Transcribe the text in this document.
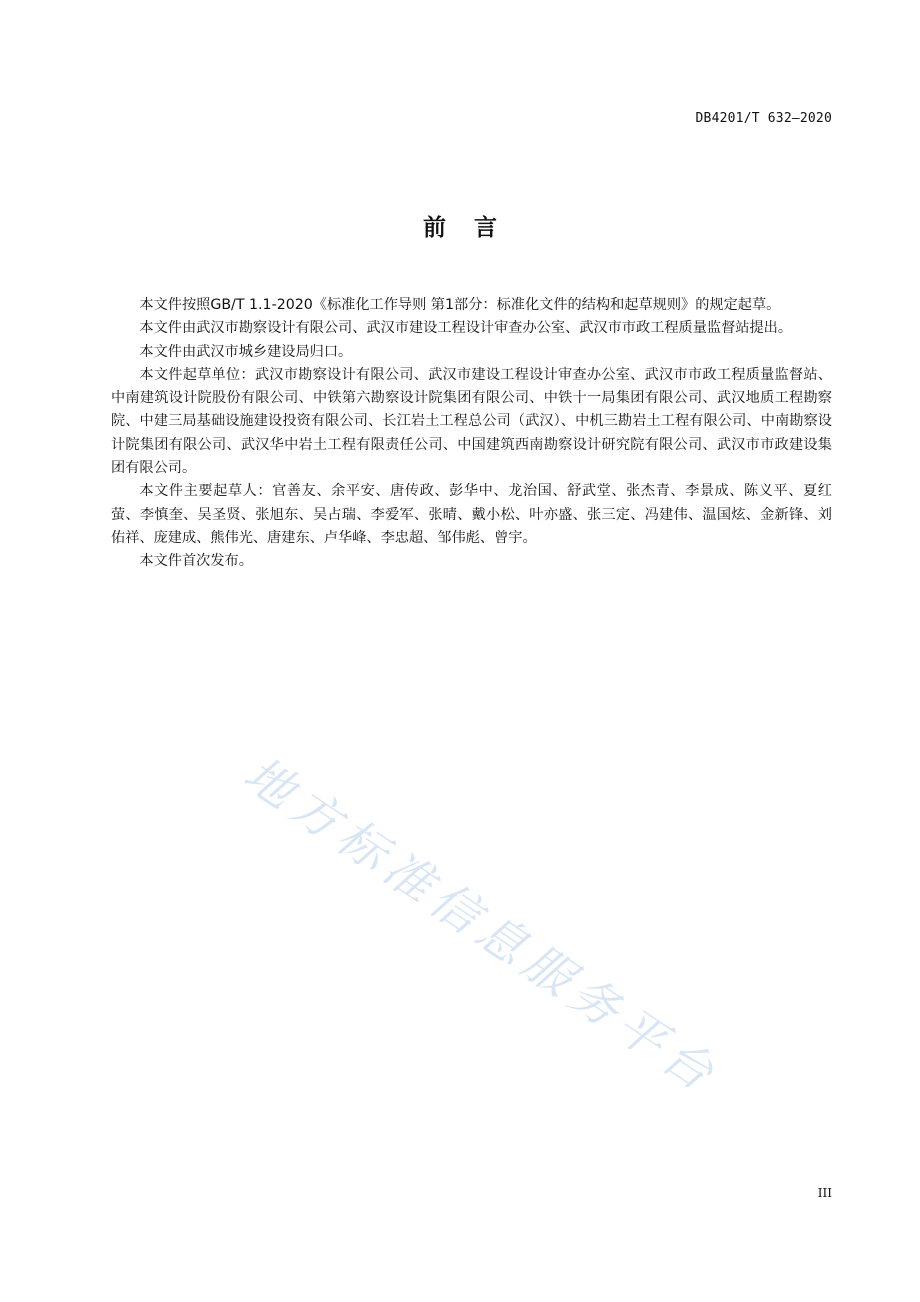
DB4201/T 632—2020
前言

本文件按照GB/T 1.1-2020《标准化工作导则 第1部分：标准化文件的结构和起草规则》的规定起草。

本文件由武汉市勘察设计有限公司、武汉市建设工程设计审查办公室、武汉市市政工程质量监督站提出。

本文件由武汉市城乡建设局归口。

本文件起草单位：武汉市勘察设计有限公司、武汉市建设工程设计审查办公室、武汉市市政工程质量监督站、中南建筑设计院股份有限公司、中铁第六勘察设计院集团有限公司、中铁十一局集团有限公司、武汉地质工程勘察院、中建三局基础设施建设投资有限公司、长江岩土工程总公司（武汉）、中机三勘岩土工程有限公司、中南勘察设计院集团有限公司、武汉华中岩土工程有限责任公司、中国建筑西南勘察设计研究院有限公司、武汉市市政建设集团有限公司。

本文件主要起草人：官善友、余平安、唐传政、彭华中、龙治国、舒武堂、张杰青、李景成、陈义平、夏红萤、李慎奎、吴圣贤、张旭东、吴占瑞、李爱军、张晴、戴小松、叶亦盛、张三定、冯建伟、温国炫、金新锋、刘佑祥、庞建成、熊伟光、唐建东、卢华峰、李忠超、邹伟彪、曾宇。

本文件首次发布。

地方标准信息服务平台
III
